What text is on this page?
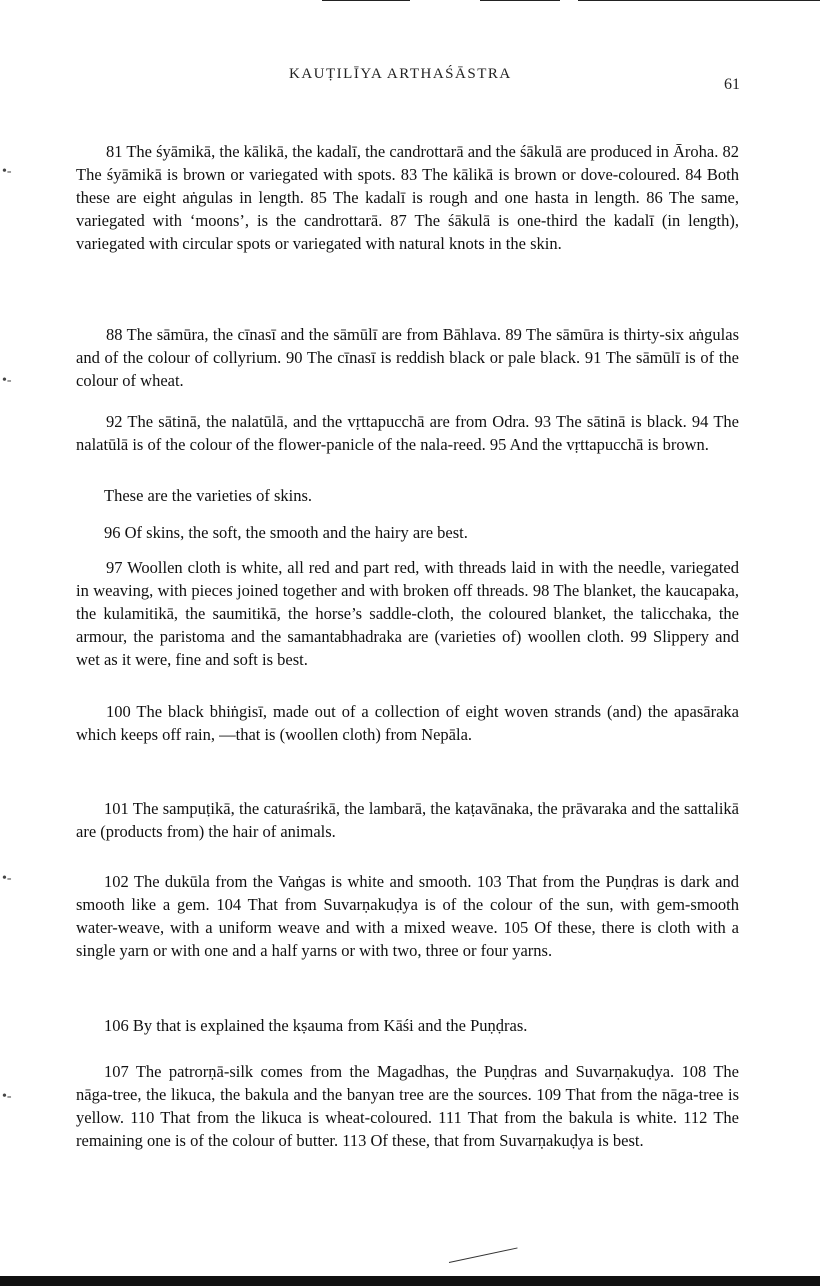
KAUṬILĪYA ARTHAŚĀSTRA
61

81 The śyāmikā, the kālikā, the kadalī, the candrottarā and the śākulā are produced in Āroha. 82 The śyāmikā is brown or variegated with spots. 83 The kālikā is brown or dove-coloured. 84 Both these are eight aṅgulas in length. 85 The kadalī is rough and one hasta in length. 86 The same, variegated with ‘moons’, is the candrottarā. 87 The śākulā is one-third the kadalī (in length), variegated with circular spots or variegated with natural knots in the skin.

88 The sāmūra, the cīnasī and the sāmūlī are from Bāhlava. 89 The sāmūra is thirty-six aṅgulas and of the colour of collyrium. 90 The cīnasī is reddish black or pale black. 91 The sāmūlī is of the colour of wheat.

92 The sātinā, the nalatūlā, and the vṛttapucchā are from Odra. 93 The sātinā is black. 94 The nalatūlā is of the colour of the flower-panicle of the nala-reed. 95 And the vṛttapucchā is brown.

These are the varieties of skins.

96 Of skins, the soft, the smooth and the hairy are best.

97 Woollen cloth is white, all red and part red, with threads laid in with the needle, variegated in weaving, with pieces joined together and with broken off threads. 98 The blanket, the kaucapaka, the kulamitikā, the saumitikā, the horse’s saddle-cloth, the coloured blanket, the talicchaka, the armour, the paristoma and the samantabhadraka are (varieties of) woollen cloth. 99 Slippery and wet as it were, fine and soft is best.

100 The black bhiṅgisī, made out of a collection of eight woven strands (and) the apasāraka which keeps off rain, —that is (woollen cloth) from Nepāla.

101 The sampuṭikā, the caturaśrikā, the lambarā, the kaṭavānaka, the prāvaraka and the sattalikā are (products from) the hair of animals.

102 The dukūla from the Vaṅgas is white and smooth. 103 That from the Puṇḍras is dark and smooth like a gem. 104 That from Suvarṇakuḍya is of the colour of the sun, with gem-smooth water-weave, with a uniform weave and with a mixed weave. 105 Of these, there is cloth with a single yarn or with one and a half yarns or with two, three or four yarns.

106 By that is explained the kṣauma from Kāśi and the Puṇḍras.

107 The patrorṇā-silk comes from the Magadhas, the Puṇḍras and Suvarṇakuḍya. 108 The nāga-tree, the likuca, the bakula and the banyan tree are the sources. 109 That from the nāga-tree is yellow. 110 That from the likuca is wheat-coloured. 111 That from the bakula is white. 112 The remaining one is of the colour of butter. 113 Of these, that from Suvarṇakuḍya is best.

•-
•-
•-
•-
